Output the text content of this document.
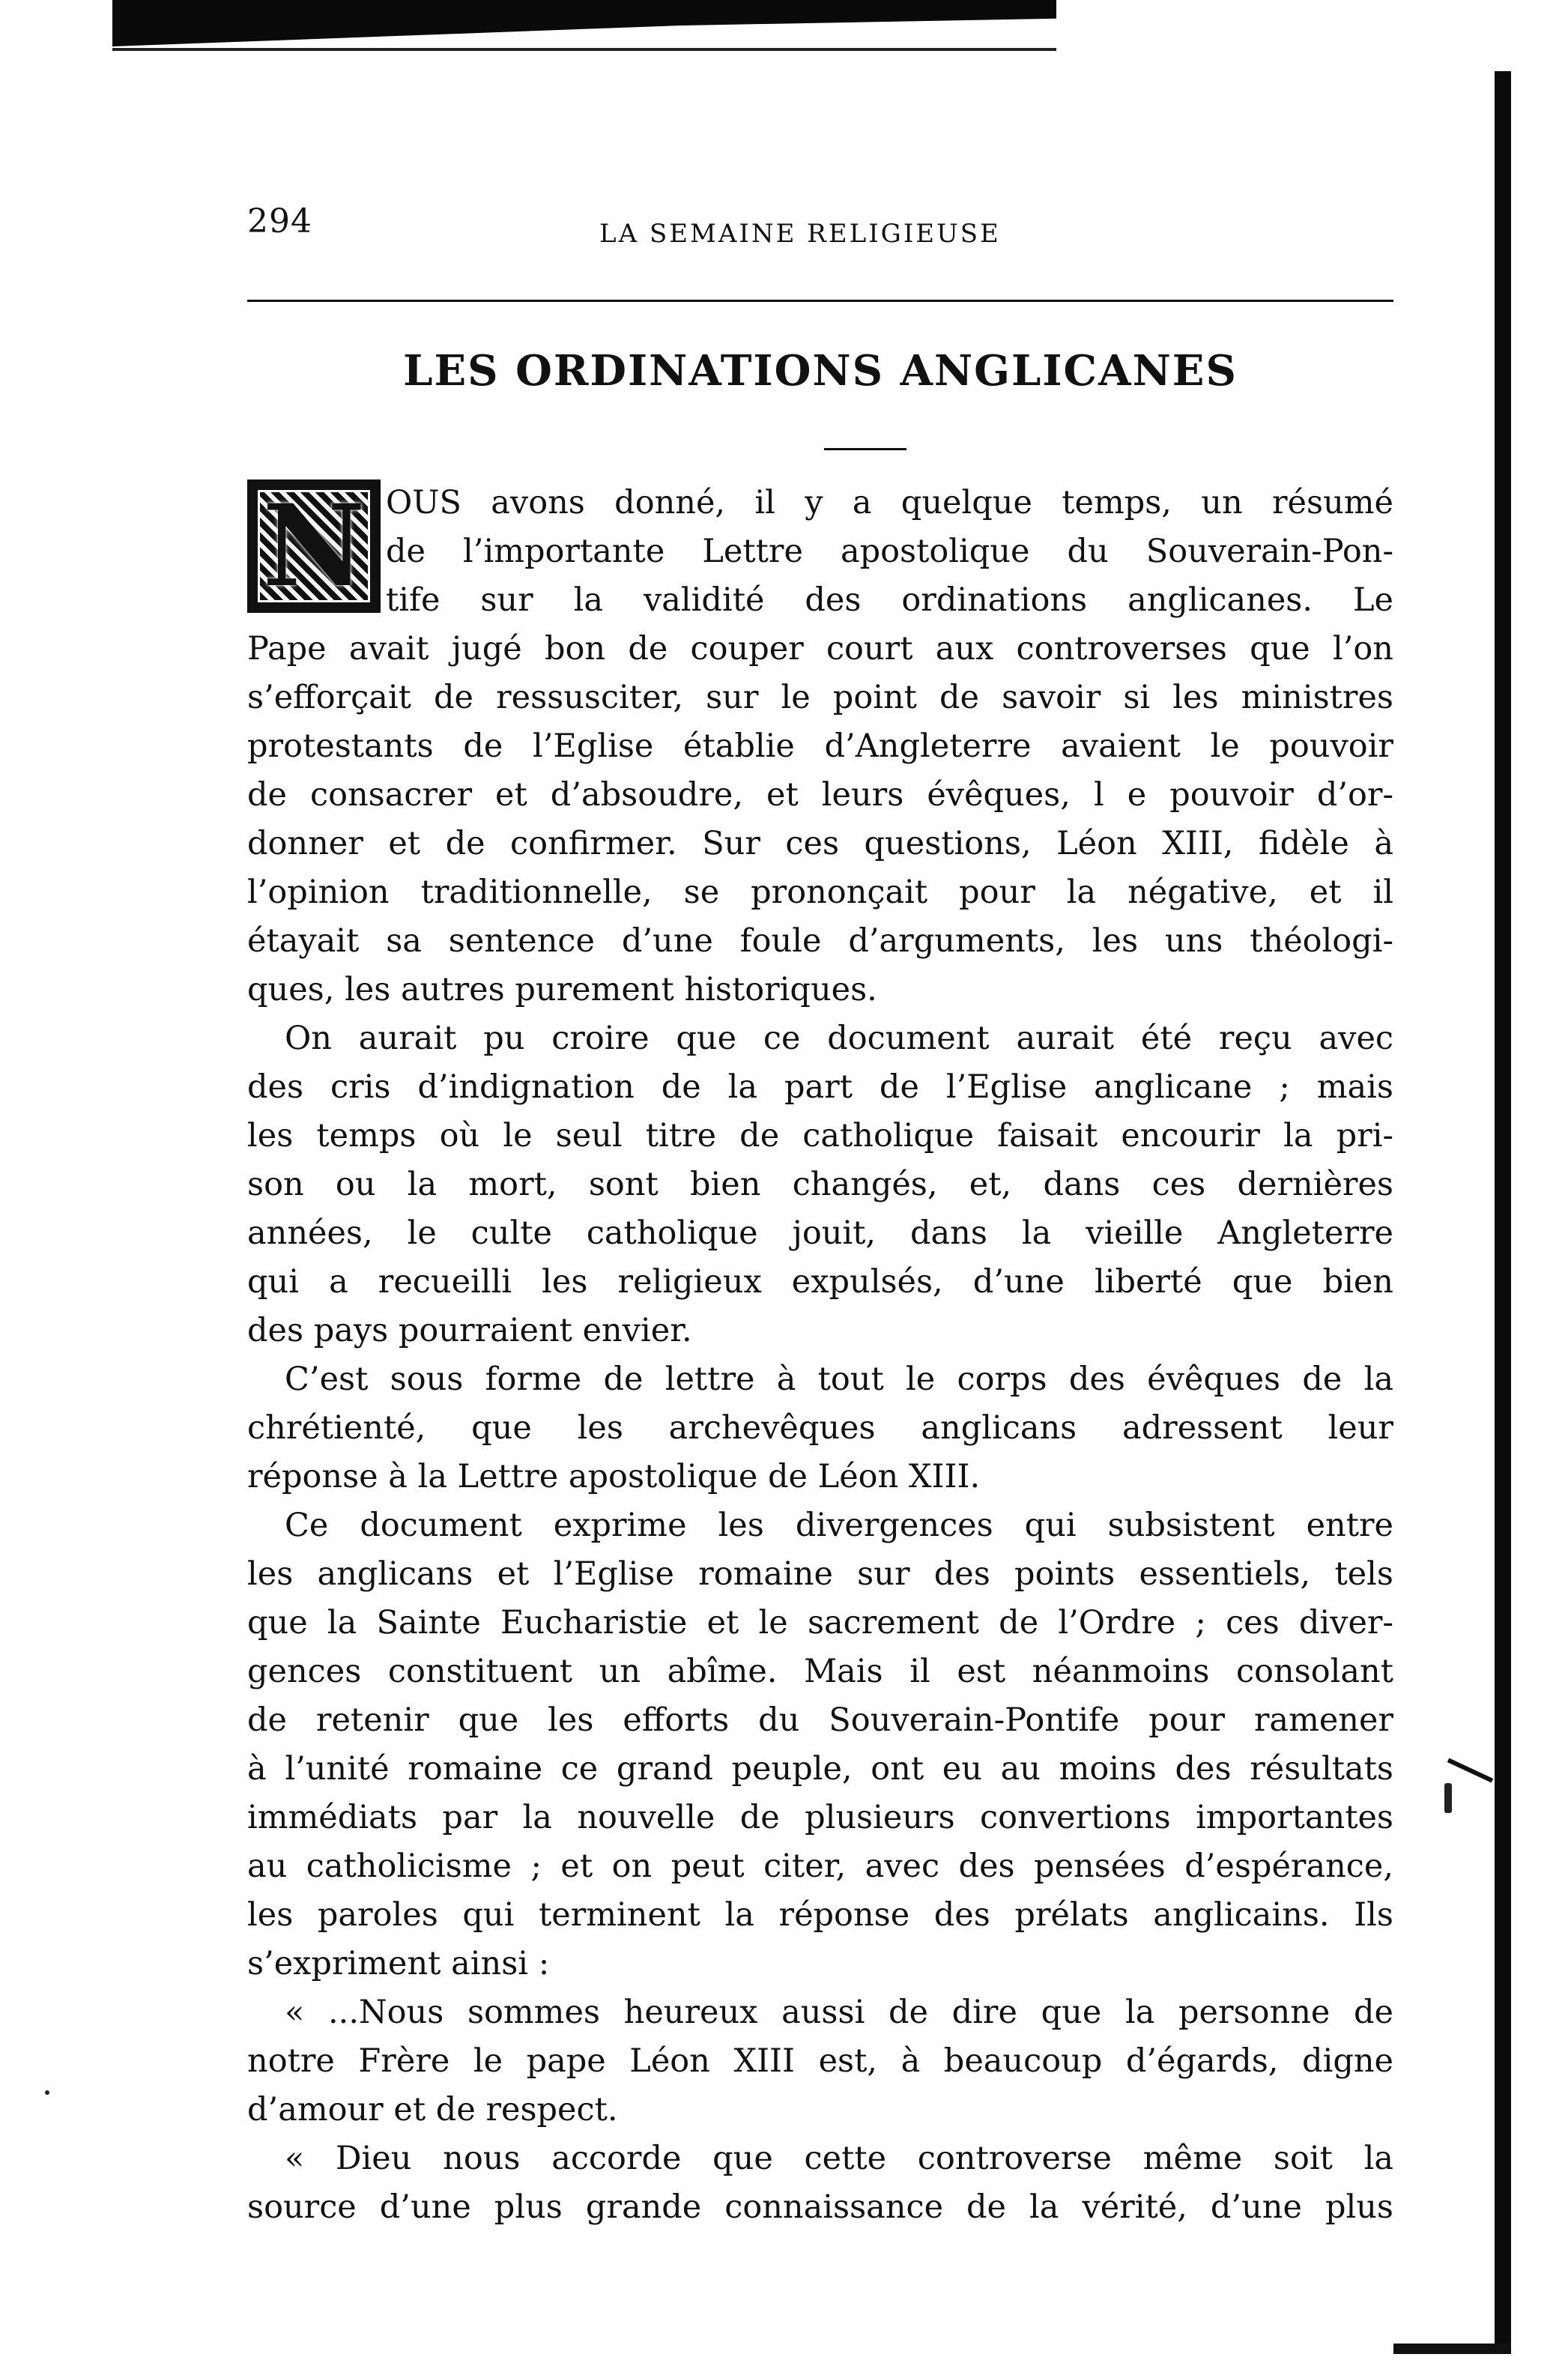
294	LA SEMAINE RELIGIEUSE
LES ORDINATIONS ANGLICANES
N OUS avons donné, il y a quelque temps, un résumé
de l’importante Lettre apostolique du Souverain-Pon-
tife sur la validité des ordinations anglicanes. Le
Pape avait jugé bon de couper court aux controverses que l’on
s’efforçait de ressusciter, sur le point de savoir si les ministres
protestants de l’Eglise établie d’Angleterre avaient le pouvoir
de consacrer et d’absoudre, et leurs évêques, l e pouvoir d’or-
donner et de confirmer. Sur ces questions, Léon XIII, fidèle à
l’opinion traditionnelle, se prononçait pour la négative, et il
étayait sa sentence d’une foule d’arguments, les uns théologi-
ques, les autres purement historiques.
On aurait pu croire que ce document aurait été reçu avec
des cris d’indignation de la part de l’Eglise anglicane ; mais
les temps où le seul titre de catholique faisait encourir la pri-
son ou la mort, sont bien changés, et, dans ces dernières
années, le culte catholique jouit, dans la vieille Angleterre
qui a recueilli les religieux expulsés, d’une liberté que bien
des pays pourraient envier.
C’est sous forme de lettre à tout le corps des évêques de la
chrétienté, que les archevêques anglicans adressent leur
réponse à la Lettre apostolique de Léon XIII.
Ce document exprime les divergences qui subsistent entre
les anglicans et l’Eglise romaine sur des points essentiels, tels
que la Sainte Eucharistie et le sacrement de l’Ordre ; ces diver-
gences constituent un abîme. Mais il est néanmoins consolant
de retenir que les efforts du Souverain-Pontife pour ramener
à l’unité romaine ce grand peuple, ont eu au moins des résultats
immédiats par la nouvelle de plusieurs convertions importantes
au catholicisme ; et on peut citer, avec des pensées d’espérance,
les paroles qui terminent la réponse des prélats anglicains. Ils
s’expriment ainsi :
« ...Nous sommes heureux aussi de dire que la personne de
notre Frère le pape Léon XIII est, à beaucoup d’égards, digne
d’amour et de respect.
« Dieu nous accorde que cette controverse même soit la
source d’une plus grande connaissance de la vérité, d’une plus
